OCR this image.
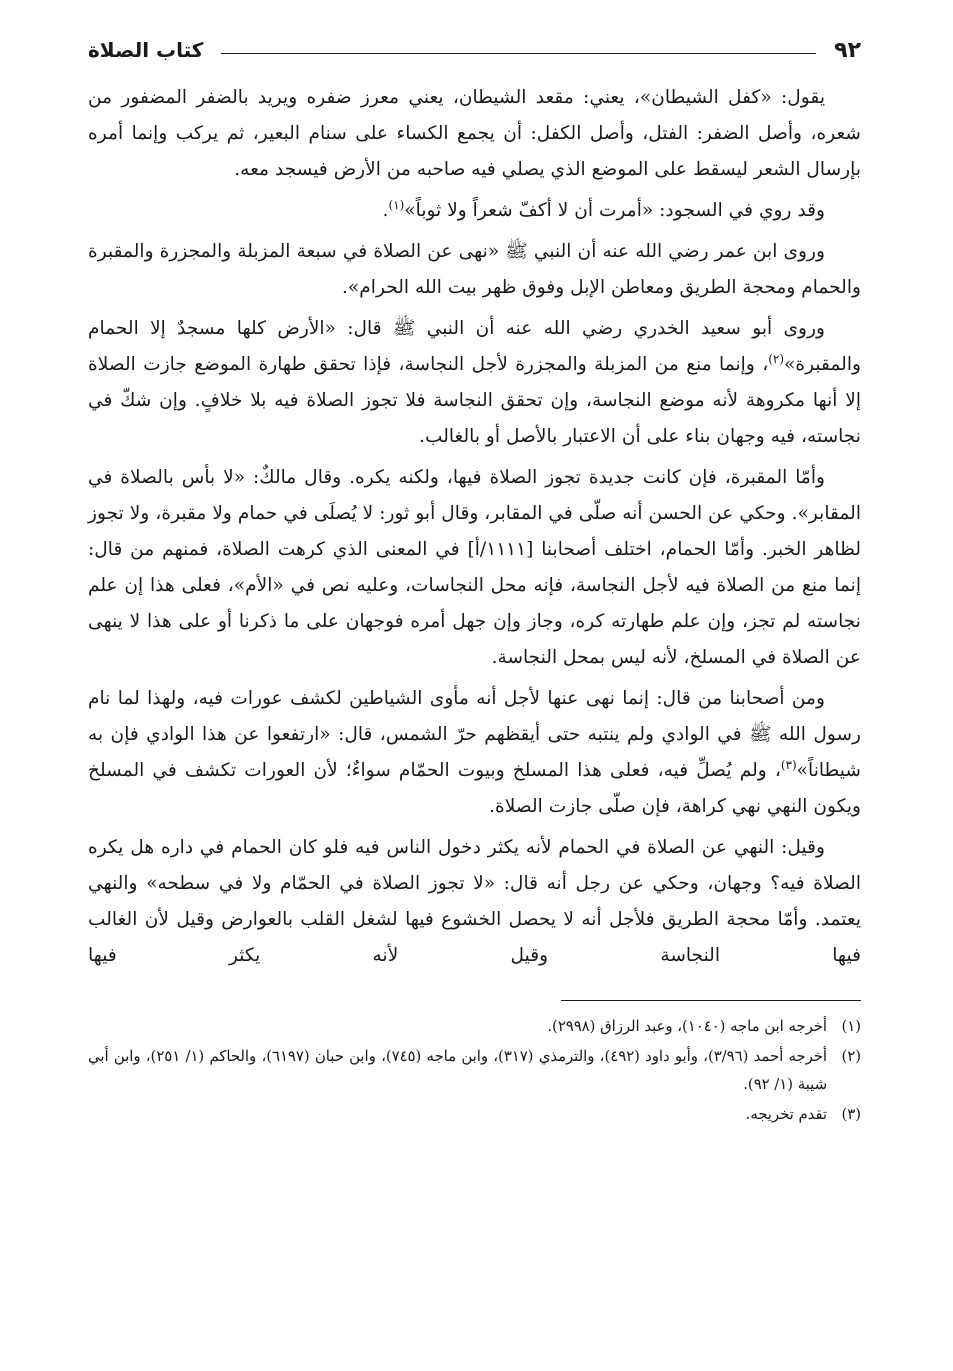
٩٢
كتاب الصلاة

يقول: «كفل الشيطان»، يعني: مقعد الشيطان، يعني معرز ضفره ويريد بالضفر المضفور من شعره، وأصل الضفر: الفتل، وأصل الكفل: أن يجمع الكساء على سنام البعير، ثم يركب وإنما أمره بإرسال الشعر ليسقط على الموضع الذي يصلي فيه صاحبه من الأرض فيسجد معه.

وقد روي في السجود: «أمرت أن لا أكفّ شعراً ولا ثوباً»$^{(١)}$.

وروى ابن عمر رضي الله عنه أن النبي ﷺ «نهى عن الصلاة في سبعة المزبلة والمجزرة والمقبرة والحمام ومحجة الطريق ومعاطن الإبل وفوق ظهر بيت الله الحرام».

وروى أبو سعيد الخدري رضي الله عنه أن النبي ﷺ قال: «الأرض كلها مسجدٌ إلا الحمام والمقبرة»$^{(٢)}$، وإنما منع من المزبلة والمجزرة لأجل النجاسة، فإذا تحقق طهارة الموضع جازت الصلاة إلا أنها مكروهة لأنه موضع النجاسة، وإن تحقق النجاسة فلا تجوز الصلاة فيه بلا خلافٍ. وإن شكّ في نجاسته، فيه وجهان بناء على أن الاعتبار بالأصل أو بالغالب.

وأمّا المقبرة، فإن كانت جديدة تجوز الصلاة فيها، ولكنه يكره. وقال مالكٌ: «لا بأس بالصلاة في المقابر». وحكي عن الحسن أنه صلّى في المقابر، وقال أبو ثور: لا يُصلَى في حمام ولا مقبرة، ولا تجوز لظاهر الخبر. وأمّا الحمام، اختلف أصحابنا [١١١١/أ] في المعنى الذي كرهت الصلاة، فمنهم من قال: إنما منع من الصلاة فيه لأجل النجاسة، فإنه محل النجاسات، وعليه نص في «الأم»، فعلى هذا إن علم نجاسته لم تجز، وإن علم طهارته كره، وجاز وإن جهل أمره فوجهان على ما ذكرنا أو على هذا لا ينهى عن الصلاة في المسلخ، لأنه ليس بمحل النجاسة.

ومن أصحابنا من قال: إنما نهى عنها لأجل أنه مأوى الشياطين لكشف عورات فيه، ولهذا لما نام رسول الله ﷺ في الوادي ولم ينتبه حتى أيقظهم حرّ الشمس، قال: «ارتفعوا عن هذا الوادي فإن به شيطاناً»$^{(٣)}$، ولم يُصلِّ فيه، فعلى هذا المسلخ وبيوت الحمّام سواءٌ؛ لأن العورات تكشف في المسلخ ويكون النهي نهي كراهة، فإن صلّى جازت الصلاة.

وقيل: النهي عن الصلاة في الحمام لأنه يكثر دخول الناس فيه فلو كان الحمام في داره هل يكره الصلاة فيه؟ وجهان، وحكي عن رجل أنه قال: «لا تجوز الصلاة في الحمّام ولا في سطحه» والنهي يعتمد. وأمّا محجة الطريق فلأجل أنه لا يحصل الخشوع فيها لشغل القلب بالعوارض وقيل لأن الغالب فيها النجاسة وقيل لأنه يكثر فيها

(١)
أخرجه ابن ماجه (١٠٤٠)، وعبد الرزاق (٢٩٩٨).
(٢)
أخرجه أحمد (٣/٩٦)، وأبو داود (٤٩٢)، والترمذي (٣١٧)، وابن ماجه (٧٤٥)، وابن حبان (٦١٩٧)، والحاكم (١/ ٢٥١)، وابن أبي شيبة (١/ ٩٢).
(٣)
تقدم تخريجه.
